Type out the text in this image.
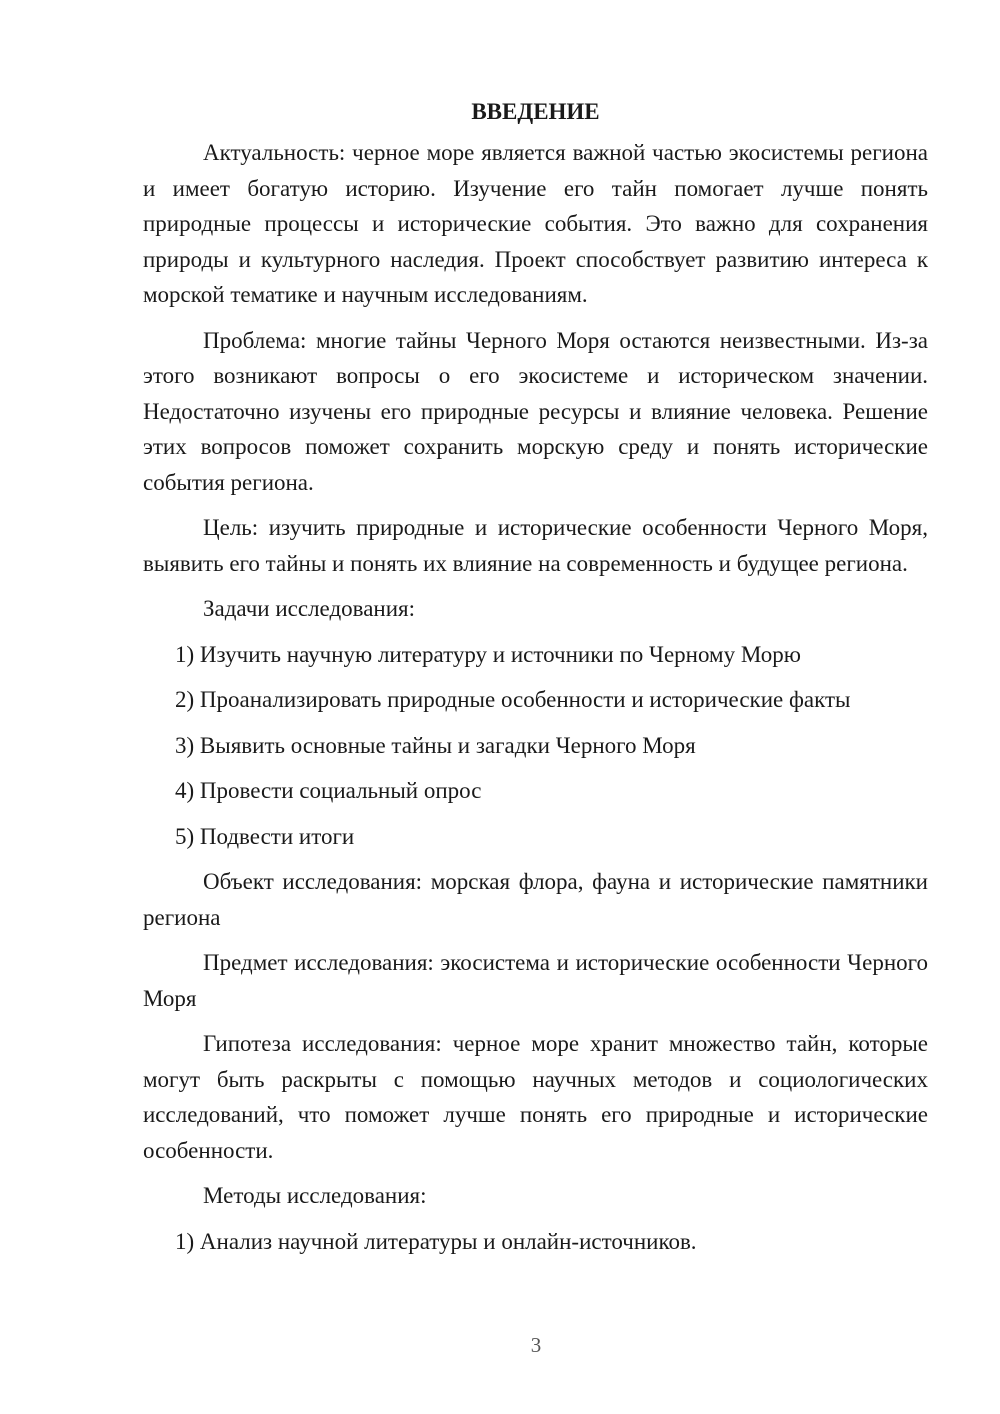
ВВЕДЕНИЕ

Актуальность: черное море является важной частью экосистемы региона и имеет богатую историю. Изучение его тайн помогает лучше понять природные процессы и исторические события. Это важно для сохранения природы и культурного наследия. Проект способствует развитию интереса к морской тематике и научным исследованиям.

Проблема: многие тайны Черного Моря остаются неизвестными. Из-за этого возникают вопросы о его экосистеме и историческом значении. Недостаточно изучены его природные ресурсы и влияние человека. Решение этих вопросов поможет сохранить морскую среду и понять исторические события региона.

Цель: изучить природные и исторические особенности Черного Моря, выявить его тайны и понять их влияние на современность и будущее региона.

Задачи исследования:

1) Изучить научную литературу и источники по Черному Морю
2) Проанализировать природные особенности и исторические факты
3) Выявить основные тайны и загадки Черного Моря
4) Провести социальный опрос
5) Подвести итоги

Объект исследования: морская флора, фауна и исторические памятники региона

Предмет исследования: экосистема и исторические особенности Черного Моря

Гипотеза исследования: черное море хранит множество тайн, которые могут быть раскрыты с помощью научных методов и социологических исследований, что поможет лучше понять его природные и исторические особенности.

Методы исследования:

1) Анализ научной литературы и онлайн-источников.
3
